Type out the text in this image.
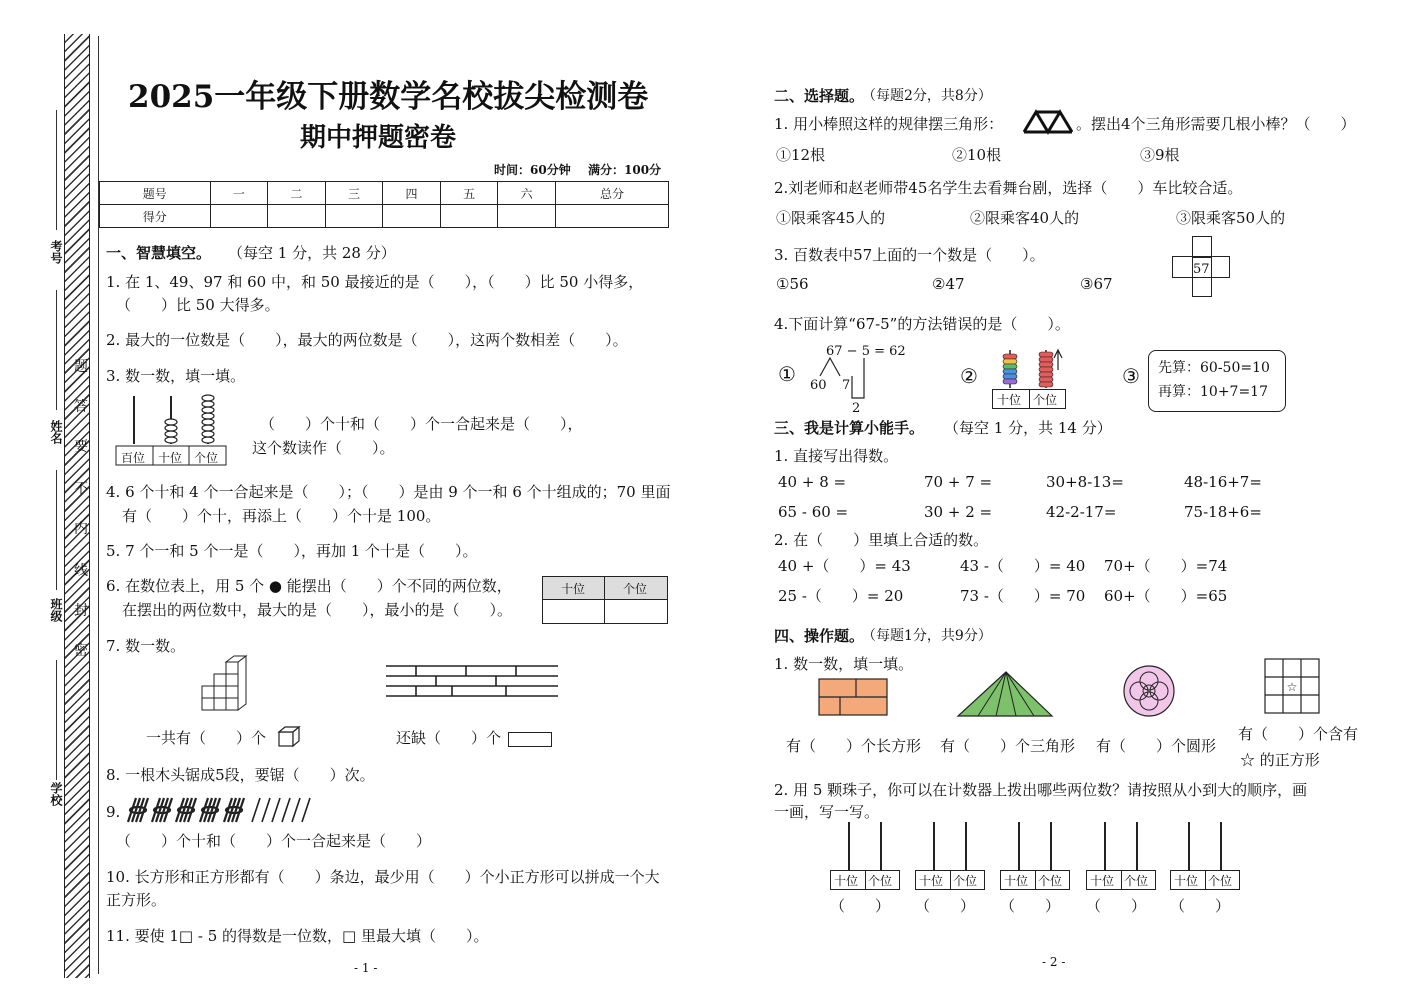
考号
姓名
班级
学校
题
答
要
不
内
线
封
密
2025一年级下册数学名校拔尖检测卷
期中押题密卷
时间：60分钟 满分：100分
题号	一	二	三	四	五	六	总分
得分							
一、智慧填空。 （每空 1 分，共 28 分）
1. 在 1、49、97 和 60 中，和 50 最接近的是（　　），（　　）比 50 小得多，
（　　）比 50 大得多。
2. 最大的一位数是（　　），最大的两位数是（　　），这两个数相差（　　）。
3. 数一数，填一填。
百位 十位 个位
（　　）个十和（　　）个一合起来是（　　），
这个数读作（　　）。
4. 6 个十和 4 个一合起来是（　　）；（　　）是由 9 个一和 6 个十组成的；70 里面
有（　　）个十，再添上（　　）个十是 100。
5. 7 个一和 5 个一是（　　），再加 1 个十是（　　）。
6. 在数位表上，用 5 个 ● 能摆出（　　）个不同的两位数，
在摆出的两位数中，最大的是（　　），最小的是（　　）。
十位	个位
7. 数一数。
一共有（　　）个	还缺（　　）个
8. 一根木头锯成5段，要锯（　　）次。
9.
（　　）个十和（　　）个一合起来是（　　）
10. 长方形和正方形都有（　　）条边，最少用（　　）个小正方形可以拼成一个大
正方形。
11. 要使 1□ - 5 的得数是一位数，□ 里最大填（　　）。
- 1 -
二、选择题。
（每题2分，共8分）
1. 用小棒照这样的规律摆三角形：	。摆出4个三角形需要几根小棒？（　　）
①12根	②10根	③9根
2.刘老师和赵老师带45名学生去看舞台剧，选择（　　）车比较合适。
①限乘客45人的	②限乘客40人的	③限乘客50人的
3. 百数表中57上面的一个数是（　　）。
①56	②47	③67
57
4.下面计算“67-5”的方法错误的是（　　）。
①
67 − 5 = 62
60 7
2
②
十位 个位
③ 先算：60-50=10
再算：10+7=17
三、我是计算小能手。 （每空 1 分，共 14 分）
1. 直接写出得数。
40 + 8 =	70 + 7 =	30+8-13=	48-16+7=
65 - 60 =	30 + 2 =	42-2-17=	75-18+6=
2. 在（　　）里填上合适的数。
40 +（　　）= 43	43 -（　　）= 40 70+（　　）=74
25 -（　　）= 20	73 -（　　）= 70 60+（　　）=65
四、操作题。
（每题1分，共9分）
1. 数一数，填一填。
☆
有（　　）个长方形 有（　　）个三角形 有（　　）个圆形
有（　　）个含有
☆ 的正方形
2. 用 5 颗珠子，你可以在计数器上拨出哪些两位数？请按照从小到大的顺序，画
一画，写一写。
十位 个位 十位 个位 十位 个位 十位 个位 十位 个位
（　　） （　　） （　　） （　　） （　　）
- 2 -
